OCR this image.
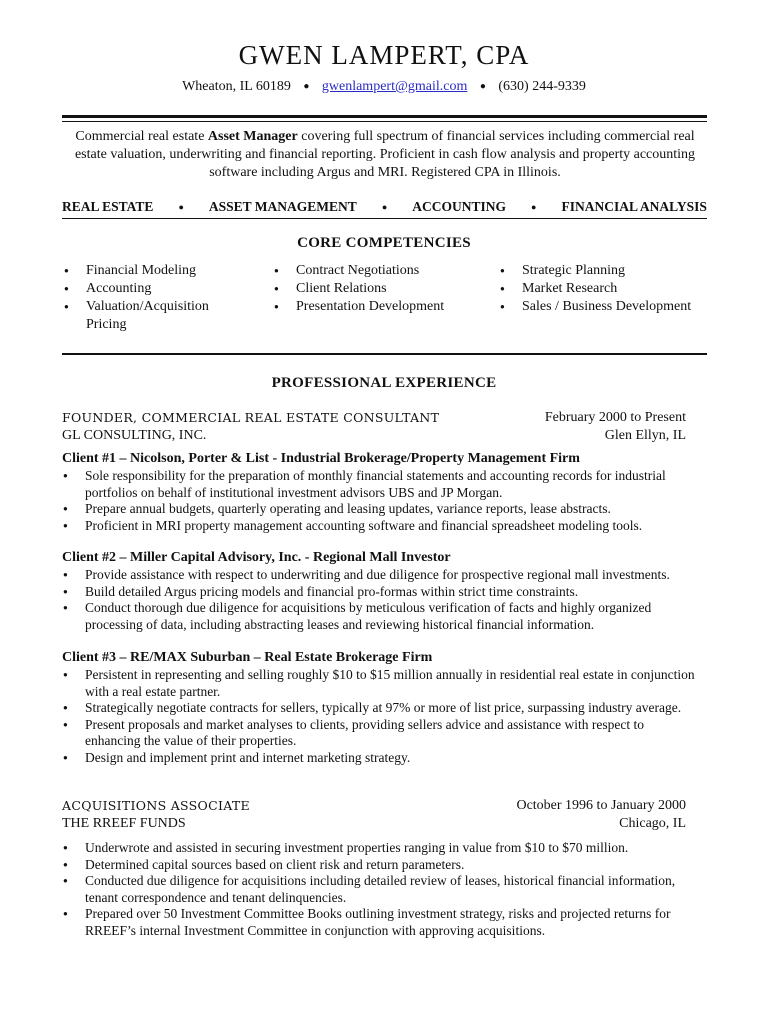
GWEN LAMPERT, CPA
Wheaton, IL 60189 ● gwenlampert@gmail.com ● (630) 244-9339
Commercial real estate Asset Manager covering full spectrum of financial services including commercial real estate valuation, underwriting and financial reporting. Proficient in cash flow analysis and property accounting software including Argus and MRI. Registered CPA in Illinois.
REAL ESTATE	● ASSET MANAGEMENT	● ACCOUNTING	● FINANCIAL ANALYSIS
CORE COMPETENCIES
● Financial Modeling
● Accounting
● Valuation/Acquisition Pricing
● Contract Negotiations
● Client Relations
● Presentation Development
● Strategic Planning
● Market Research
● Sales / Business Development
PROFESSIONAL EXPERIENCE
FOUNDER, COMMERCIAL REAL ESTATE CONSULTANT	February 2000 to Present
GL CONSULTING, INC.	Glen Ellyn, IL
Client #1 – Nicolson, Porter & List - Industrial Brokerage/Property Management Firm
● Sole responsibility for the preparation of monthly financial statements and accounting records for industrial portfolios on behalf of institutional investment advisors UBS and JP Morgan.
● Prepare annual budgets, quarterly operating and leasing updates, variance reports, lease abstracts.
● Proficient in MRI property management accounting software and financial spreadsheet modeling tools.
Client #2 – Miller Capital Advisory, Inc. - Regional Mall Investor
● Provide assistance with respect to underwriting and due diligence for prospective regional mall investments.
● Build detailed Argus pricing models and financial pro-formas within strict time constraints.
● Conduct thorough due diligence for acquisitions by meticulous verification of facts and highly organized processing of data, including abstracting leases and reviewing historical financial information.
Client #3 – RE/MAX Suburban – Real Estate Brokerage Firm
● Persistent in representing and selling roughly $10 to $15 million annually in residential real estate in conjunction with a real estate partner.
● Strategically negotiate contracts for sellers, typically at 97% or more of list price, surpassing industry average.
● Present proposals and market analyses to clients, providing sellers advice and assistance with respect to enhancing the value of their properties.
● Design and implement print and internet marketing strategy.
ACQUISITIONS ASSOCIATE	October 1996 to January 2000
THE RREEF FUNDS	Chicago, IL
● Underwrote and assisted in securing investment properties ranging in value from $10 to $70 million.
● Determined capital sources based on client risk and return parameters.
● Conducted due diligence for acquisitions including detailed review of leases, historical financial information, tenant correspondence and tenant delinquencies.
● Prepared over 50 Investment Committee Books outlining investment strategy, risks and projected returns for RREEF’s internal Investment Committee in conjunction with approving acquisitions.
